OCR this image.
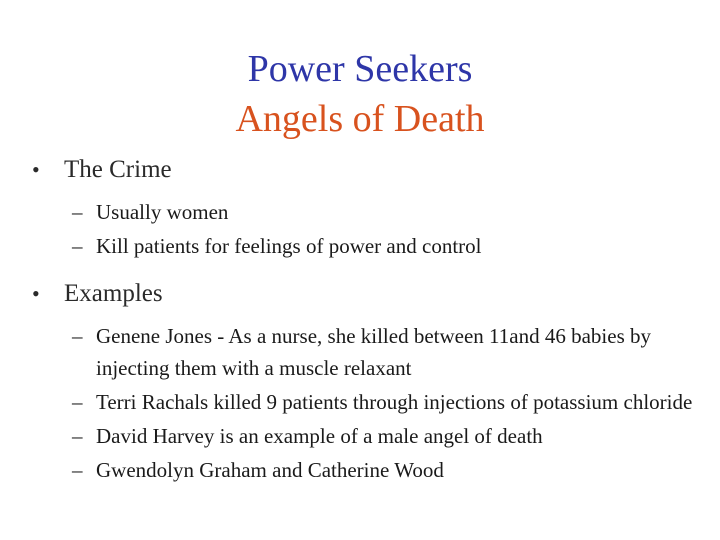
Power Seekers
Angels of Death
• The Crime
– Usually women
– Kill patients for feelings of power and control
• Examples
– Genene Jones - As a nurse, she killed between 11and 46 babies by injecting them with a muscle relaxant
– Terri Rachals killed 9 patients through injections of potassium chloride
– David Harvey is an example of a male angel of death
– Gwendolyn Graham and Catherine Wood
